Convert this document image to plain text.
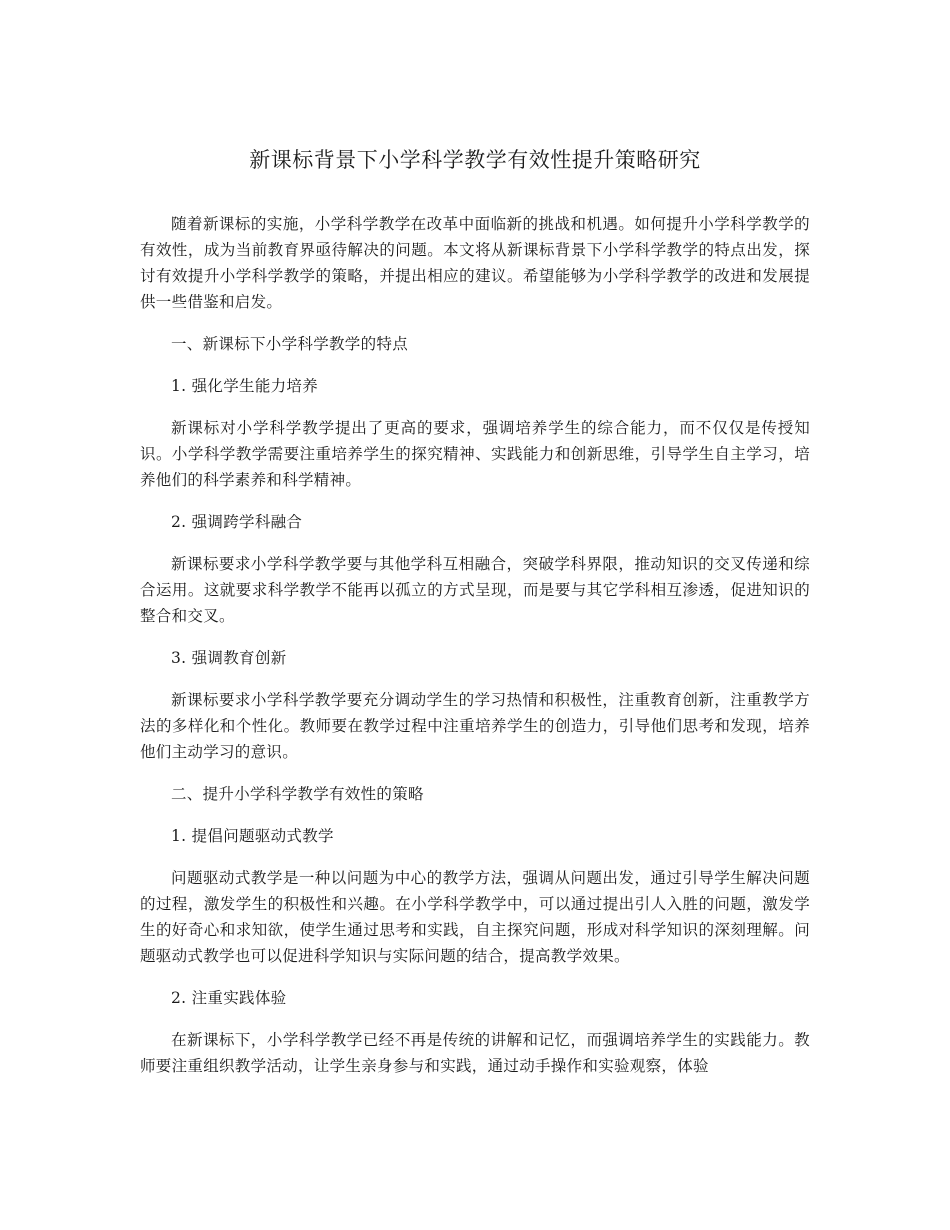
新课标背景下小学科学教学有效性提升策略研究

随着新课标的实施，小学科学教学在改革中面临新的挑战和机遇。如何提升小学科学教学的有效性，成为当前教育界亟待解决的问题。本文将从新课标背景下小学科学教学的特点出发，探讨有效提升小学科学教学的策略，并提出相应的建议。希望能够为小学科学教学的改进和发展提供一些借鉴和启发。

一、新课标下小学科学教学的特点

1. 强化学生能力培养

新课标对小学科学教学提出了更高的要求，强调培养学生的综合能力，而不仅仅是传授知识。小学科学教学需要注重培养学生的探究精神、实践能力和创新思维，引导学生自主学习，培养他们的科学素养和科学精神。

2. 强调跨学科融合

新课标要求小学科学教学要与其他学科互相融合，突破学科界限，推动知识的交叉传递和综合运用。这就要求科学教学不能再以孤立的方式呈现，而是要与其它学科相互渗透，促进知识的整合和交叉。

3. 强调教育创新

新课标要求小学科学教学要充分调动学生的学习热情和积极性，注重教育创新，注重教学方法的多样化和个性化。教师要在教学过程中注重培养学生的创造力，引导他们思考和发现，培养他们主动学习的意识。

二、提升小学科学教学有效性的策略

1. 提倡问题驱动式教学

问题驱动式教学是一种以问题为中心的教学方法，强调从问题出发，通过引导学生解决问题的过程，激发学生的积极性和兴趣。在小学科学教学中，可以通过提出引人入胜的问题，激发学生的好奇心和求知欲，使学生通过思考和实践，自主探究问题，形成对科学知识的深刻理解。问题驱动式教学也可以促进科学知识与实际问题的结合，提高教学效果。

2. 注重实践体验

在新课标下，小学科学教学已经不再是传统的讲解和记忆，而强调培养学生的实践能力。教师要注重组织教学活动，让学生亲身参与和实践，通过动手操作和实验观察，体验
